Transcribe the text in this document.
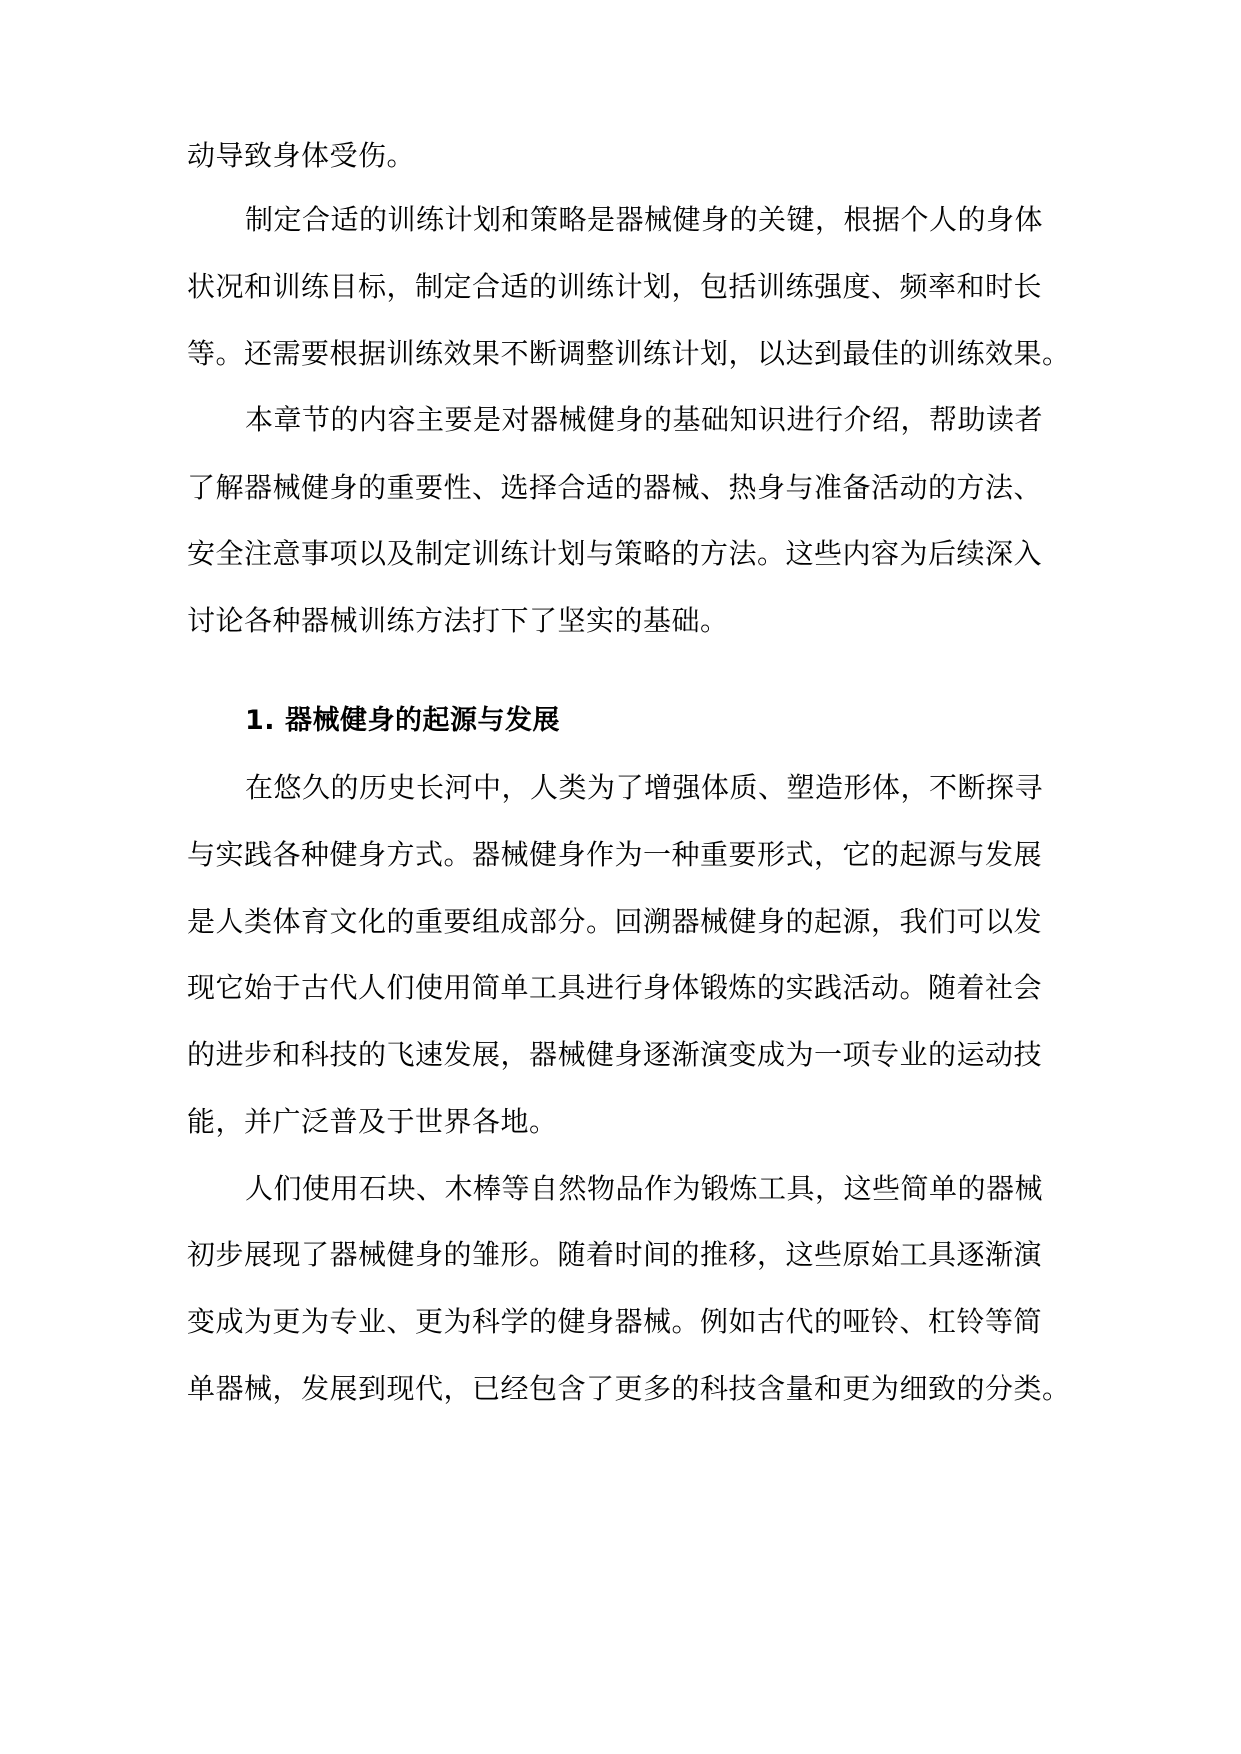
动导致身体受伤。
制定合适的训练计划和策略是器械健身的关键，根据个人的身体
状况和训练目标，制定合适的训练计划，包括训练强度、频率和时长
等。还需要根据训练效果不断调整训练计划，以达到最佳的训练效果。
本章节的内容主要是对器械健身的基础知识进行介绍，帮助读者
了解器械健身的重要性、选择合适的器械、热身与准备活动的方法、
安全注意事项以及制定训练计划与策略的方法。这些内容为后续深入
讨论各种器械训练方法打下了坚实的基础。
1. 器械健身的起源与发展
在悠久的历史长河中，人类为了增强体质、塑造形体，不断探寻
与实践各种健身方式。器械健身作为一种重要形式，它的起源与发展
是人类体育文化的重要组成部分。回溯器械健身的起源，我们可以发
现它始于古代人们使用简单工具进行身体锻炼的实践活动。随着社会
的进步和科技的飞速发展，器械健身逐渐演变成为一项专业的运动技
能，并广泛普及于世界各地。
人们使用石块、木棒等自然物品作为锻炼工具，这些简单的器械
初步展现了器械健身的雏形。随着时间的推移，这些原始工具逐渐演
变成为更为专业、更为科学的健身器械。例如古代的哑铃、杠铃等简
单器械，发展到现代，已经包含了更多的科技含量和更为细致的分类。
